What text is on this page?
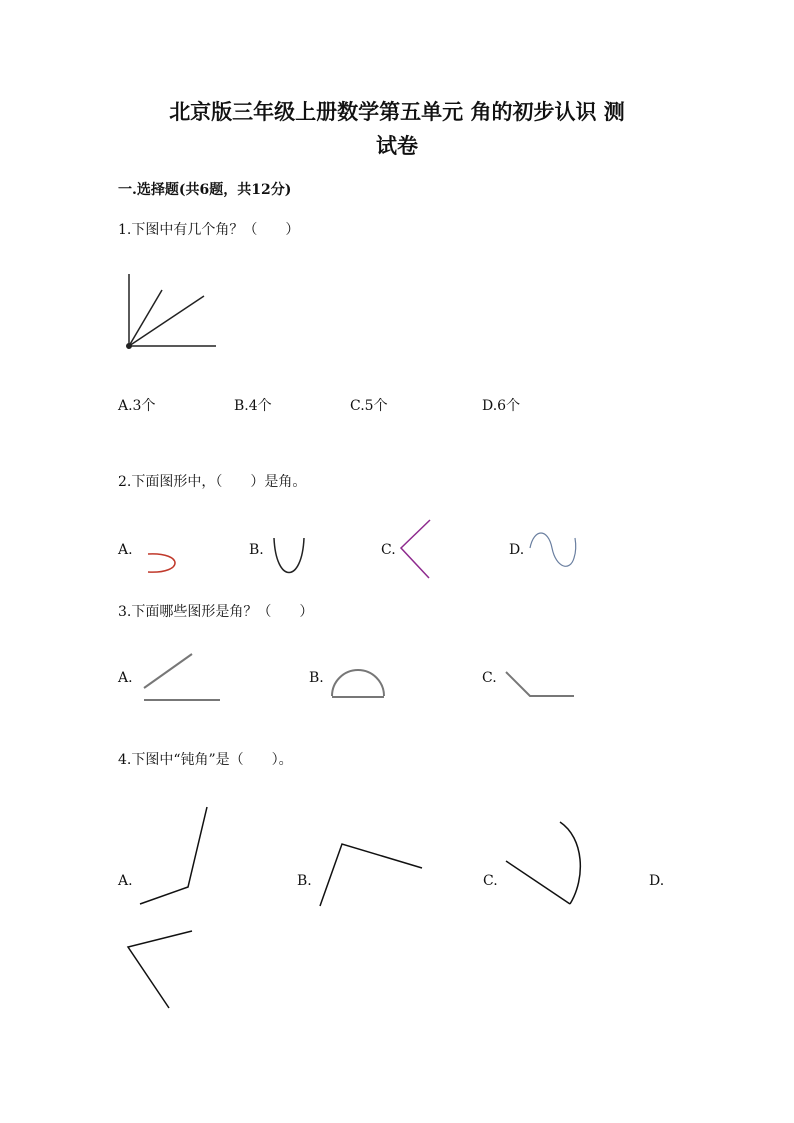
北京版三年级上册数学第五单元 角的初步认识 测
试卷
一.选择题(共6题，共12分)
1.下图中有几个角？（　　）
A.3个	B.4个	C.5个	D.6个
2.下面图形中，（　　）是角。
A.	B.	C.	D.
3.下面哪些图形是角？（　　）
A.	B.	C.
4.下图中“钝角”是（　　）。
A.	B.	C.	D.
